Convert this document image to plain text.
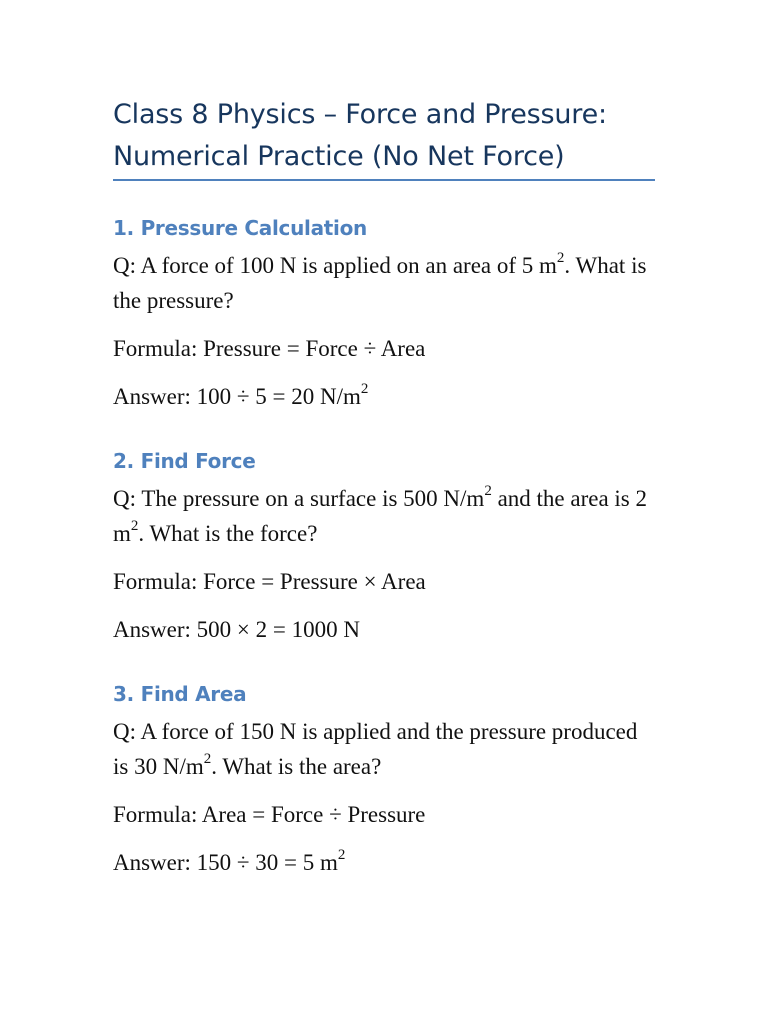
Class 8 Physics – Force and Pressure: Numerical Practice (No Net Force)
1. Pressure Calculation

Q: A force of 100 N is applied on an area of 5 $m^2$. What is the pressure?

Formula: Pressure = Force ÷ Area

Answer: 100 ÷ 5 = 20 $N/m^2$

2. Find Force

Q: The pressure on a surface is 500 $N/m^2$ and the area is 2 $m^2$. What is the force?

Formula: Force = Pressure × Area

Answer: 500 × 2 = 1000 N

3. Find Area

Q: A force of 150 N is applied and the pressure produced is 30 $N/m^2$. What is the area?

Formula: Area = Force ÷ Pressure

Answer: 150 ÷ 30 = 5 $m^2$
